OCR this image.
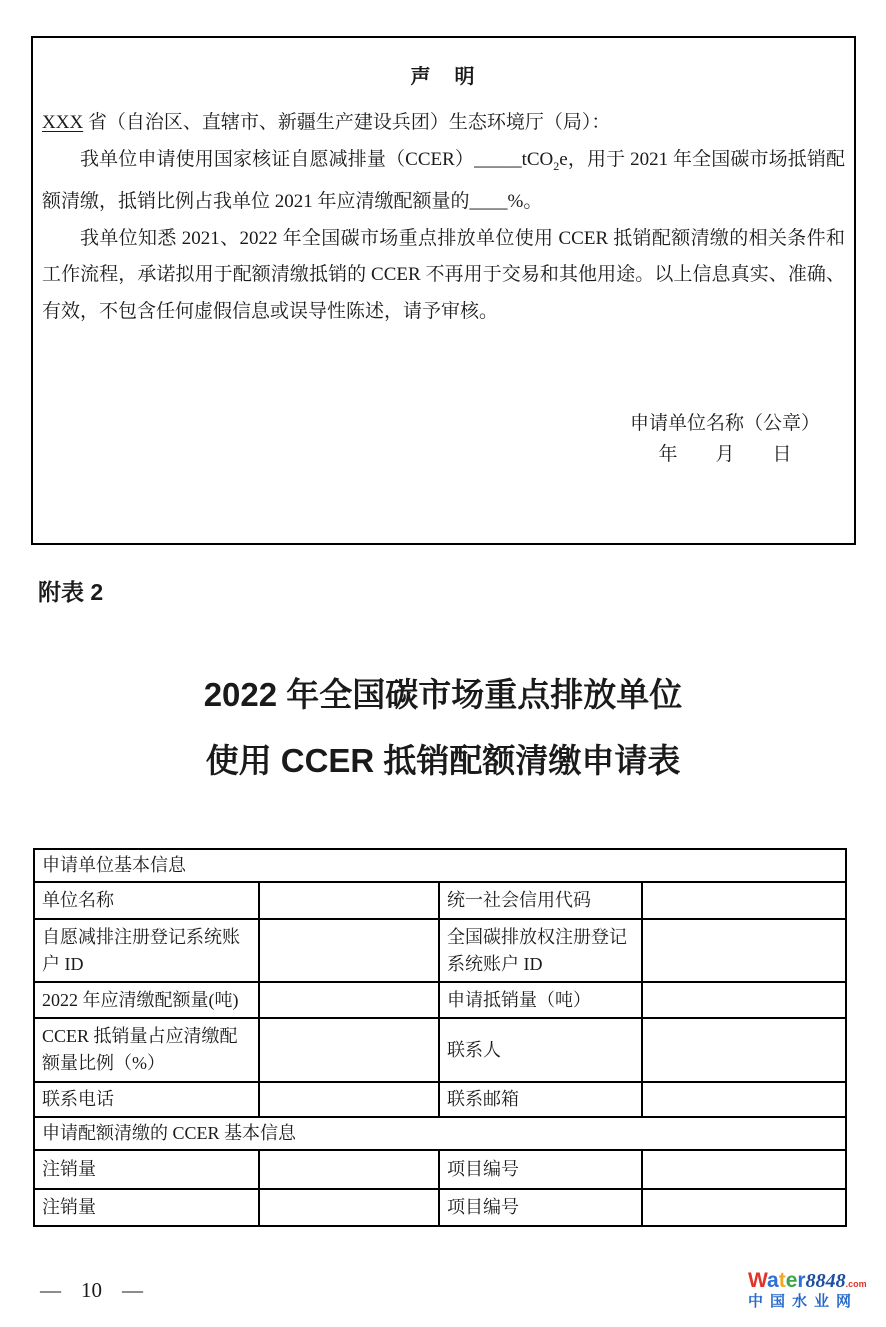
声　明

XXX 省（自治区、直辖市、新疆生产建设兵团）生态环境厅（局）：

我单位申请使用国家核证自愿减排量（CCER）_____tCO$_2$e，用于 2021 年全国碳市场抵销配额清缴，抵销比例占我单位 2021 年应清缴配额量的____%。

我单位知悉 2021、2022 年全国碳市场重点排放单位使用 CCER 抵销配额清缴的相关条件和工作流程，承诺拟用于配额清缴抵销的 CCER 不再用于交易和其他用途。以上信息真实、准确、有效，不包含任何虚假信息或误导性陈述，请予审核。

申请单位名称（公章）
年　　月　　日
附表 2
2022 年全国碳市场重点排放单位
使用 CCER 抵销配额清缴申请表
申请单位基本信息			
单位名称		统一社会信用代码	
自愿减排注册登记系统账户 ID		全国碳排放权注册登记系统账户 ID	
2022 年应清缴配额量(吨)		申请抵销量（吨）	
CCER 抵销量占应清缴配额量比例（%）		联系人	
联系电话		联系邮箱	
申请配额清缴的 CCER 基本信息			
注销量		项目编号	
注销量		项目编号	
— 10 —	Water8848.com
中国水业网
